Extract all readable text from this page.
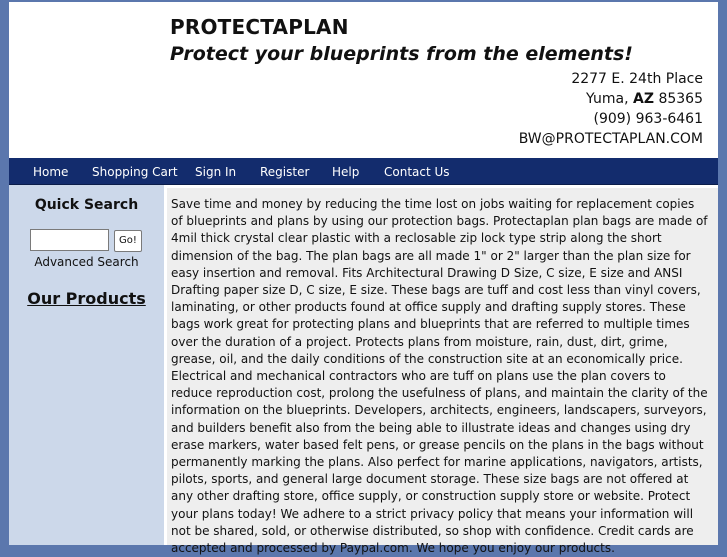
PROTECTAPLAN
Protect your blueprints from the elements!
2277 E. 24th Place
Yuma, AZ 85365
(909) 963-6461
BW@PROTECTAPLAN.COM
Home Shopping Cart Sign In Register Help Contact Us
Quick Search
Go!
Advanced Search
Our Products
Save time and money by reducing the time lost on jobs waiting for replacement copies of blueprints and plans by using our protection bags. Protectaplan plan bags are made of 4mil thick crystal clear plastic with a reclosable zip lock type strip along the short dimension of the bag. The plan bags are all made 1" or 2" larger than the plan size for easy insertion and removal. Fits Architectural Drawing D Size, C size, E size and ANSI Drafting paper size D, C size, E size. These bags are tuff and cost less than vinyl covers, laminating, or other products found at office supply and drafting supply stores. These bags work great for protecting plans and blueprints that are referred to multiple times over the duration of a project. Protects plans from moisture, rain, dust, dirt, grime, grease, oil, and the daily conditions of the construction site at an economically price. Electrical and mechanical contractors who are tuff on plans use the plan covers to reduce reproduction cost, prolong the usefulness of plans, and maintain the clarity of the information on the blueprints. Developers, architects, engineers, landscapers, surveyors, and builders benefit also from the being able to illustrate ideas and changes using dry erase markers, water based felt pens, or grease pencils on the plans in the bags without permanently marking the plans. Also perfect for marine applications, navigators, artists, pilots, sports, and general large document storage. These size bags are not offered at any other drafting store, office supply, or construction supply store or website. Protect your plans today! We adhere to a strict privacy policy that means your information will not be shared, sold, or otherwise distributed, so shop with confidence. Credit cards are accepted and processed by Paypal.com. We hope you enjoy our products.
